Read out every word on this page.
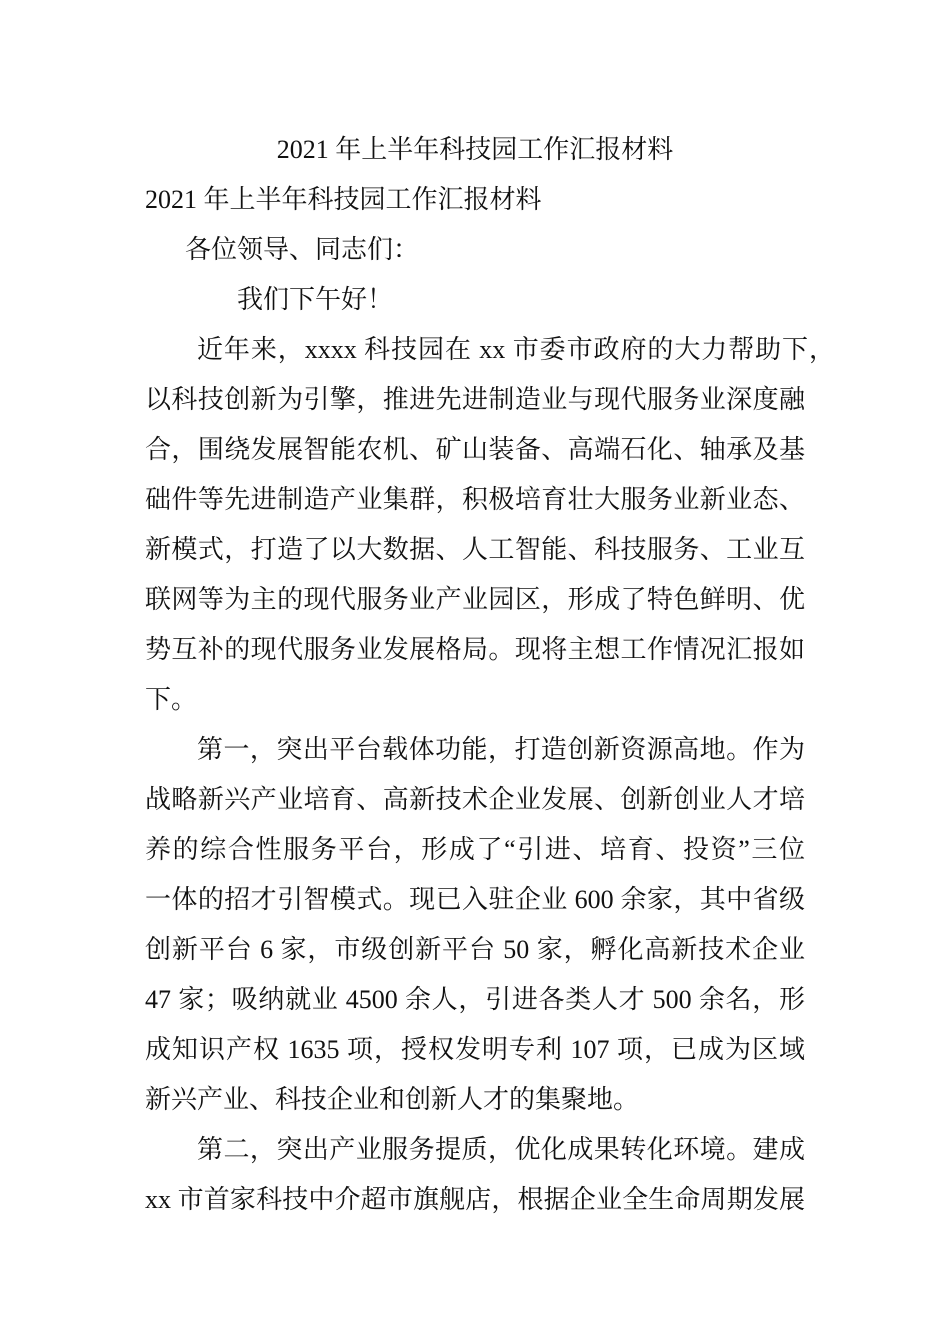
2021 年上半年科技园工作汇报材料
2021 年上半年科技园工作汇报材料
各位领导、同志们：
我们下午好！
近年来，xxxx 科技园在 xx 市委市政府的大力帮助下，
以科技创新为引擎，推进先进制造业与现代服务业深度融
合，围绕发展智能农机、矿山装备、高端石化、轴承及基
础件等先进制造产业集群，积极培育壮大服务业新业态、
新模式，打造了以大数据、人工智能、科技服务、工业互
联网等为主的现代服务业产业园区，形成了特色鲜明、优
势互补的现代服务业发展格局。现将主想工作情况汇报如
下。
第一，突出平台载体功能，打造创新资源高地。作为
战略新兴产业培育、高新技术企业发展、创新创业人才培
养的综合性服务平台，形成了“引进、培育、投资”三位
一体的招才引智模式。现已入驻企业 600 余家，其中省级
创新平台 6 家，市级创新平台 50 家，孵化高新技术企业
47 家；吸纳就业 4500 余人，引进各类人才 500 余名，形
成知识产权 1635 项，授权发明专利 107 项，已成为区域
新兴产业、科技企业和创新人才的集聚地。
第二，突出产业服务提质，优化成果转化环境。建成
xx 市首家科技中介超市旗舰店，根据企业全生命周期发展
